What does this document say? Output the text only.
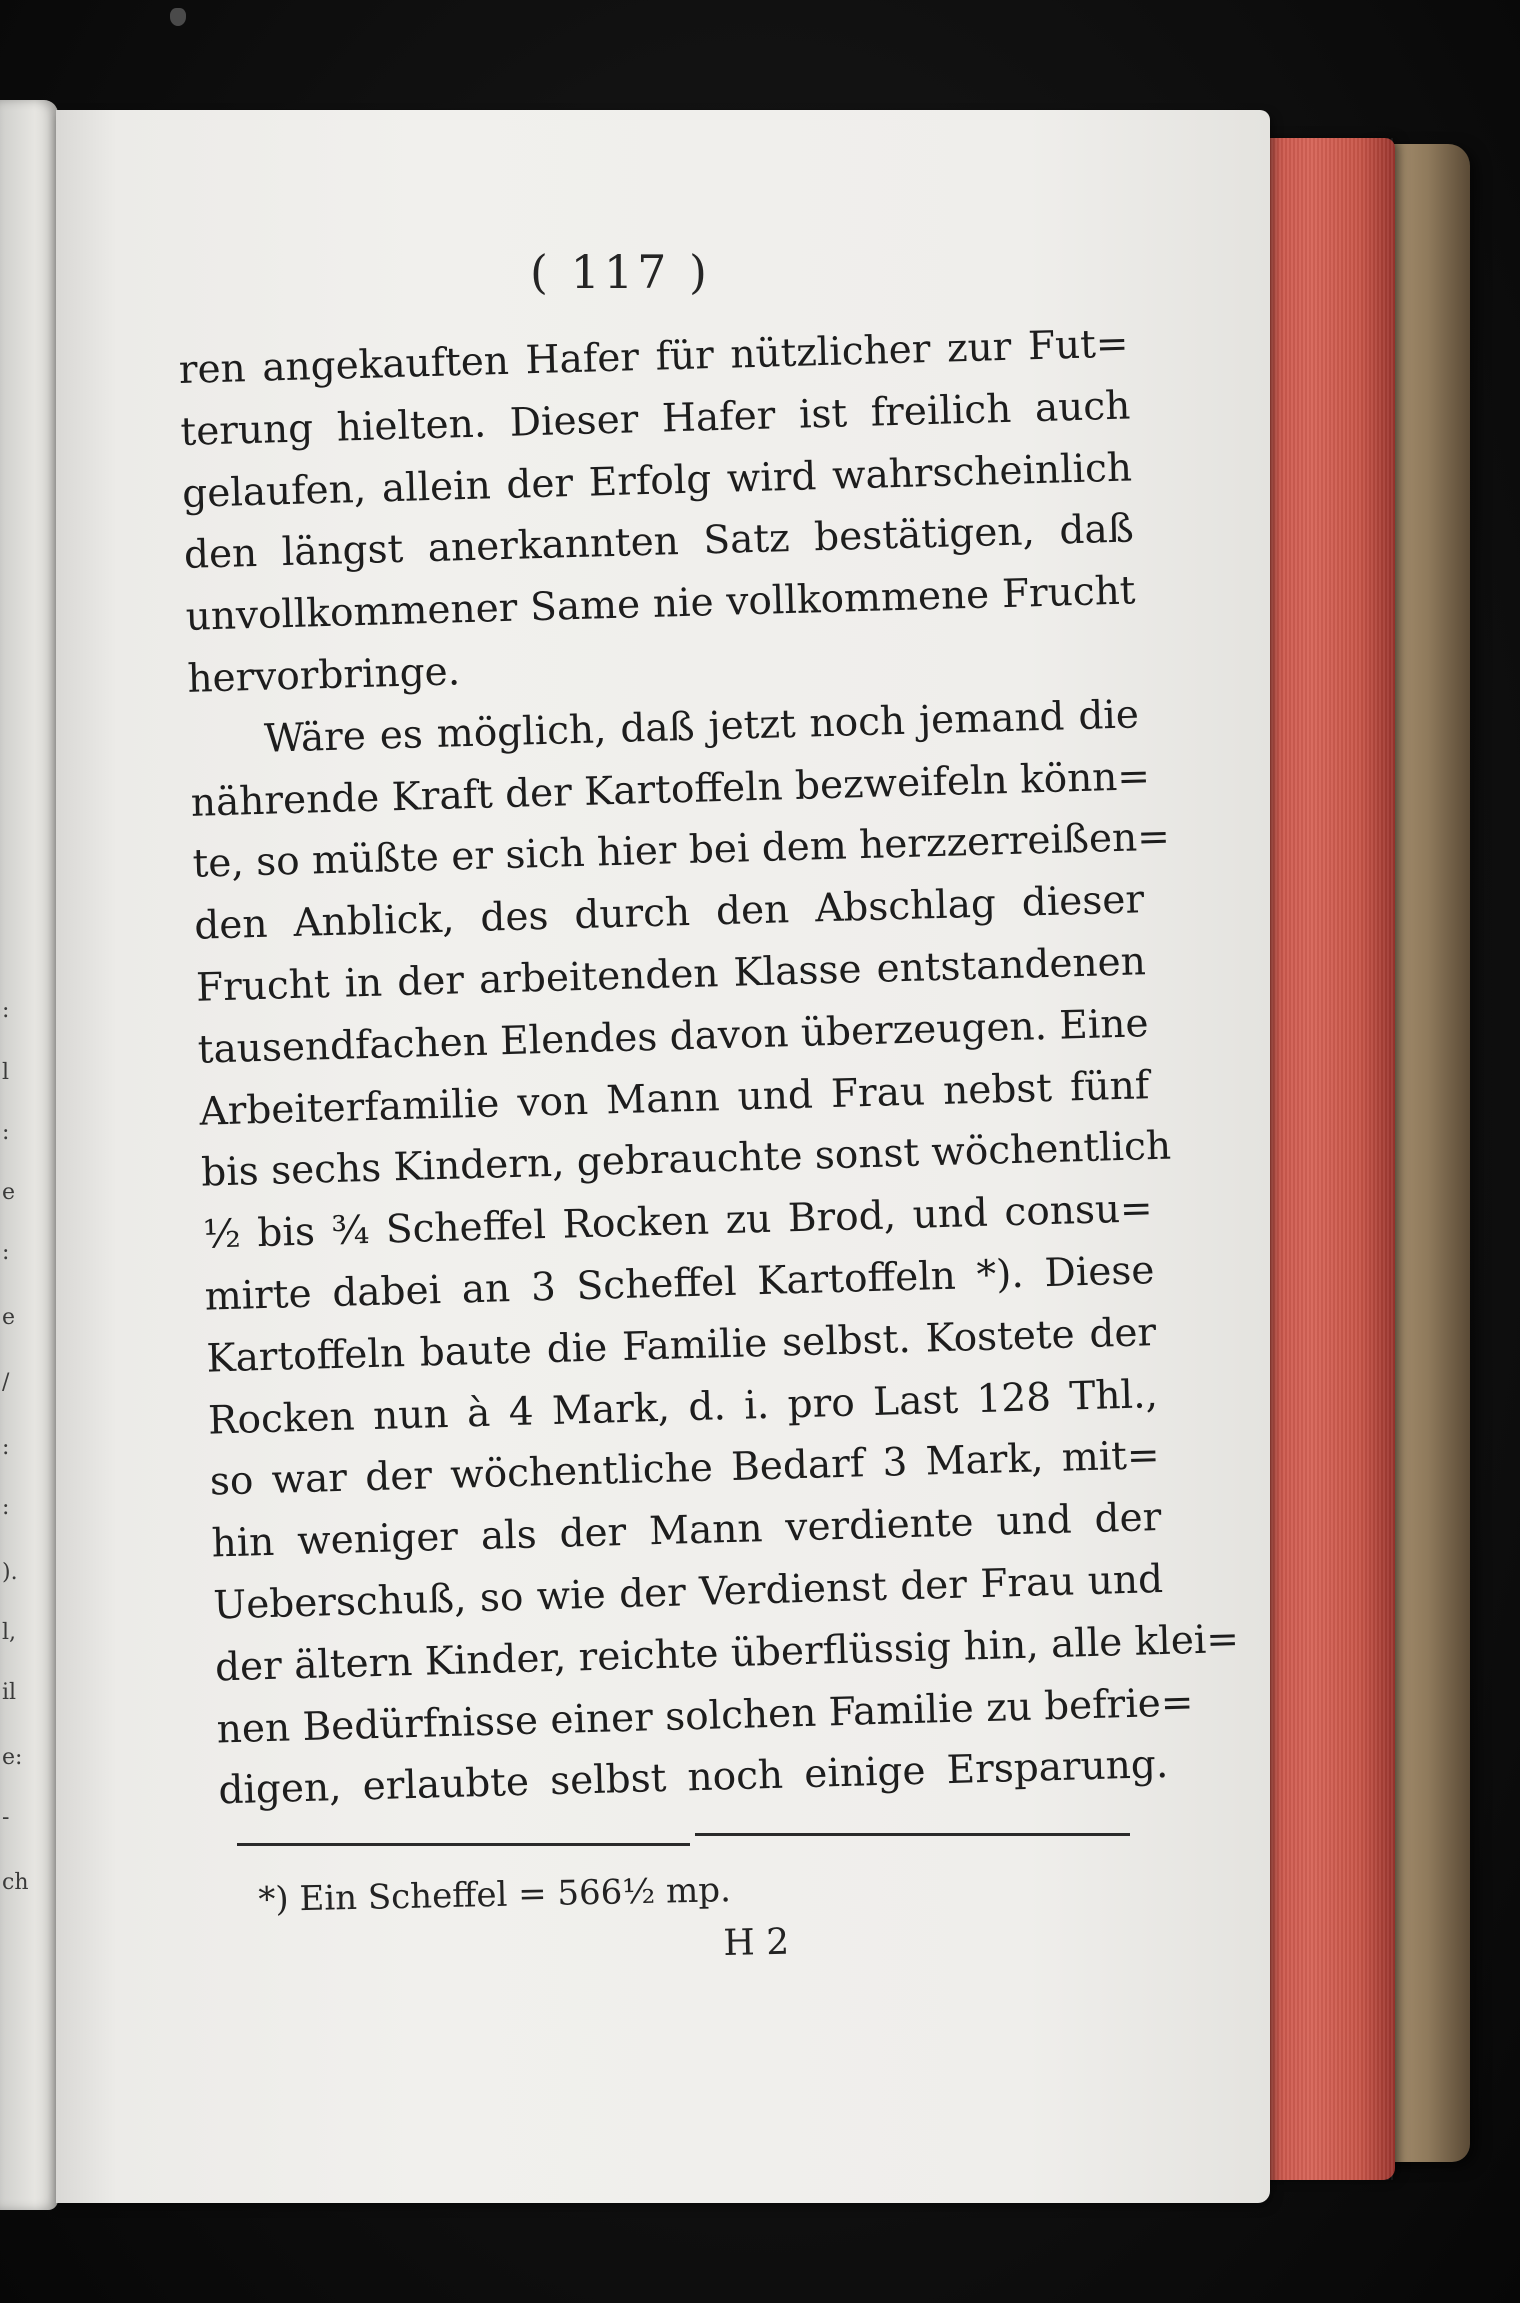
:
l
:
e
:
e
/
:
:
).
l,
il
e:
-
ch
( 117 )
ren angekauften Hafer für nützlicher zur Fut=
terung hielten. Dieser Hafer ist freilich auch
gelaufen, allein der Erfolg wird wahrscheinlich
den längst anerkannten Satz bestätigen, daß
unvollkommener Same nie vollkommene Frucht
hervorbringe.
Wäre es möglich, daß jetzt noch jemand die
nährende Kraft der Kartoffeln bezweifeln könn=
te, so müßte er sich hier bei dem herzzerreißen=
den Anblick, des durch den Abschlag dieser
Frucht in der arbeitenden Klasse entstandenen
tausendfachen Elendes davon überzeugen. Eine
Arbeiterfamilie von Mann und Frau nebst fünf
bis sechs Kindern, gebrauchte sonst wöchentlich
½ bis ¾ Scheffel Rocken zu Brod, und consu=
mirte dabei an 3 Scheffel Kartoffeln *). Diese
Kartoffeln baute die Familie selbst. Kostete der
Rocken nun à 4 Mark, d. i. pro Last 128 Thl.,
so war der wöchentliche Bedarf 3 Mark, mit=
hin weniger als der Mann verdiente und der
Ueberschuß, so wie der Verdienst der Frau und
der ältern Kinder, reichte überflüssig hin, alle klei=
nen Bedürfnisse einer solchen Familie zu befrie=
digen, erlaubte selbst noch einige Ersparung.
*) Ein Scheffel = 566½ mp.
H 2
